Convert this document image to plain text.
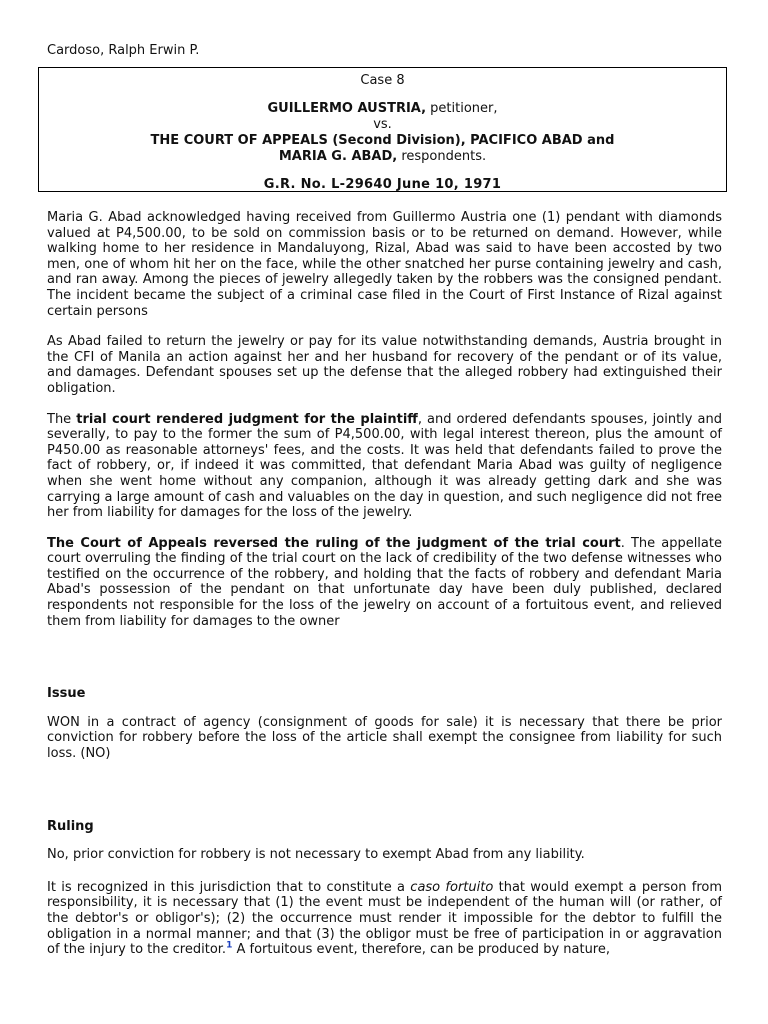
Cardoso, Ralph Erwin P.
Case 8
GUILLERMO AUSTRIA, petitioner,
vs.
THE COURT OF APPEALS (Second Division), PACIFICO ABAD and MARIA G. ABAD, respondents.
G.R. No. L-29640 June 10, 1971

Maria G. Abad acknowledged having received from Guillermo Austria one (1) pendant with diamonds valued at P4,500.00, to be sold on commission basis or to be returned on demand. However, while walking home to her residence in Mandaluyong, Rizal, Abad was said to have been accosted by two men, one of whom hit her on the face, while the other snatched her purse containing jewelry and cash, and ran away. Among the pieces of jewelry allegedly taken by the robbers was the consigned pendant. The incident became the subject of a criminal case filed in the Court of First Instance of Rizal against certain persons

As Abad failed to return the jewelry or pay for its value notwithstanding demands, Austria brought in the CFI of Manila an action against her and her husband for recovery of the pendant or of its value, and damages. Defendant spouses set up the defense that the alleged robbery had extinguished their obligation.

The trial court rendered judgment for the plaintiff, and ordered defendants spouses, jointly and severally, to pay to the former the sum of P4,500.00, with legal interest thereon, plus the amount of P450.00 as reasonable attorneys' fees, and the costs. It was held that defendants failed to prove the fact of robbery, or, if indeed it was committed, that defendant Maria Abad was guilty of negligence when she went home without any companion, although it was already getting dark and she was carrying a large amount of cash and valuables on the day in question, and such negligence did not free her from liability for damages for the loss of the jewelry.

The Court of Appeals reversed the ruling of the judgment of the trial court. The appellate court overruling the finding of the trial court on the lack of credibility of the two defense witnesses who testified on the occurrence of the robbery, and holding that the facts of robbery and defendant Maria Abad's possession of the pendant on that unfortunate day have been duly published, declared respondents not responsible for the loss of the jewelry on account of a fortuitous event, and relieved them from liability for damages to the owner

Issue

WON in a contract of agency (consignment of goods for sale) it is necessary that there be prior conviction for robbery before the loss of the article shall exempt the consignee from liability for such loss. (NO)

Ruling

No, prior conviction for robbery is not necessary to exempt Abad from any liability.

It is recognized in this jurisdiction that to constitute a caso fortuito that would exempt a person from responsibility, it is necessary that (1) the event must be independent of the human will (or rather, of the debtor's or obligor's); (2) the occurrence must render it impossible for the debtor to fulfill the obligation in a normal manner; and that (3) the obligor must be free of participation in or aggravation of the injury to the creditor.$^1$ A fortuitous event, therefore, can be produced by nature,
